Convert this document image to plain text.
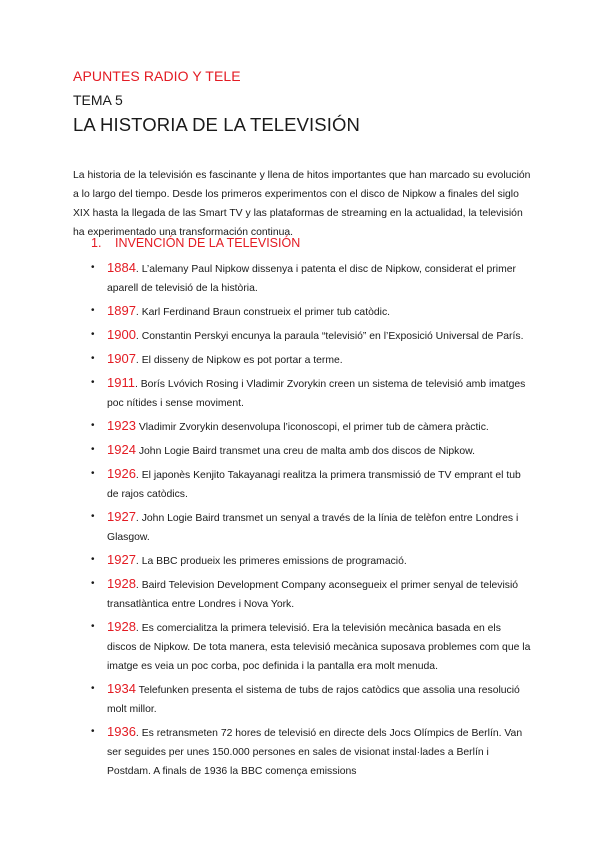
APUNTES RADIO Y TELE
TEMA 5
LA HISTORIA DE LA TELEVISIÓN

La historia de la televisión es fascinante y llena de hitos importantes que han marcado su evolución a lo largo del tiempo. Desde los primeros experimentos con el disco de Nipkow a finales del siglo XIX hasta la llegada de las Smart TV y las plataformas de streaming en la actualidad, la televisión ha experimentado una transformación continua.

1. INVENCIÓN DE LA TELEVISIÓN
• 1884. L’alemany Paul Nipkow dissenya i patenta el disc de Nipkow, considerat el primer aparell de televisió de la història.
• 1897. Karl Ferdinand Braun construeix el primer tub catòdic.
• 1900. Constantin Perskyi encunya la paraula “televisió” en l’Exposició Universal de París.
• 1907. El disseny de Nipkow es pot portar a terme.
• 1911. Borís Lvóvich Rosing i Vladimir Zvorykin creen un sistema de televisió amb imatges poc nítides i sense moviment.
• 1923 Vladimir Zvorykin desenvolupa l’iconoscopi, el primer tub de càmera pràctic.
• 1924 John Logie Baird transmet una creu de malta amb dos discos de Nipkow.
• 1926. El japonès Kenjito Takayanagi realitza la primera transmissió de TV emprant el tub de rajos catòdics.
• 1927. John Logie Baird transmet un senyal a través de la línia de telèfon entre Londres i Glasgow.
• 1927. La BBC produeix les primeres emissions de programació.
• 1928. Baird Television Development Company aconsegueix el primer senyal de televisió transatlàntica entre Londres i Nova York.
• 1928. Es comercialitza la primera televisió. Era la televisión mecànica basada en els discos de Nipkow. De tota manera, esta televisió mecànica suposava problemes com que la imatge es veia un poc corba, poc definida i la pantalla era molt menuda.
• 1934 Telefunken presenta el sistema de tubs de rajos catòdics que assolia una resolució molt millor.
• 1936. Es retransmeten 72 hores de televisió en directe dels Jocs Olímpics de Berlín. Van ser seguides per unes 150.000 persones en sales de visionat instal·lades a Berlín i Postdam. A finals de 1936 la BBC comença emissions
